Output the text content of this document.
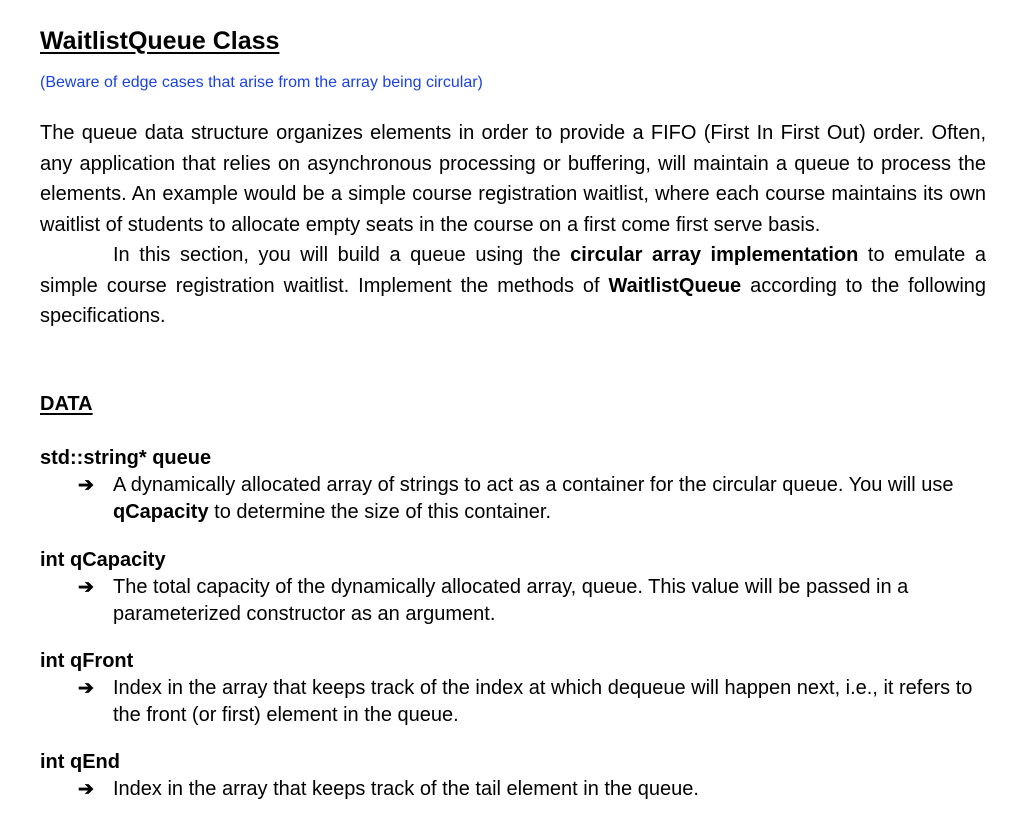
WaitlistQueue Class

(Beware of edge cases that arise from the array being circular)

The queue data structure organizes elements in order to provide a FIFO (First In First Out) order. Often, any application that relies on asynchronous processing or buffering, will maintain a queue to process the elements. An example would be a simple course registration waitlist, where each course maintains its own waitlist of students to allocate empty seats in the course on a first come first serve basis.

In this section, you will build a queue using the circular array implementation to emulate a simple course registration waitlist. Implement the methods of WaitlistQueue according to the following specifications.

DATA

std::string* queue

➔ A dynamically allocated array of strings to act as a container for the circular queue. You will use qCapacity to determine the size of this container.

int qCapacity

➔ The total capacity of the dynamically allocated array, queue. This value will be passed in a parameterized constructor as an argument.

int qFront

➔ Index in the array that keeps track of the index at which dequeue will happen next, i.e., it refers to the front (or first) element in the queue.

int qEnd

➔ Index in the array that keeps track of the tail element in the queue.
